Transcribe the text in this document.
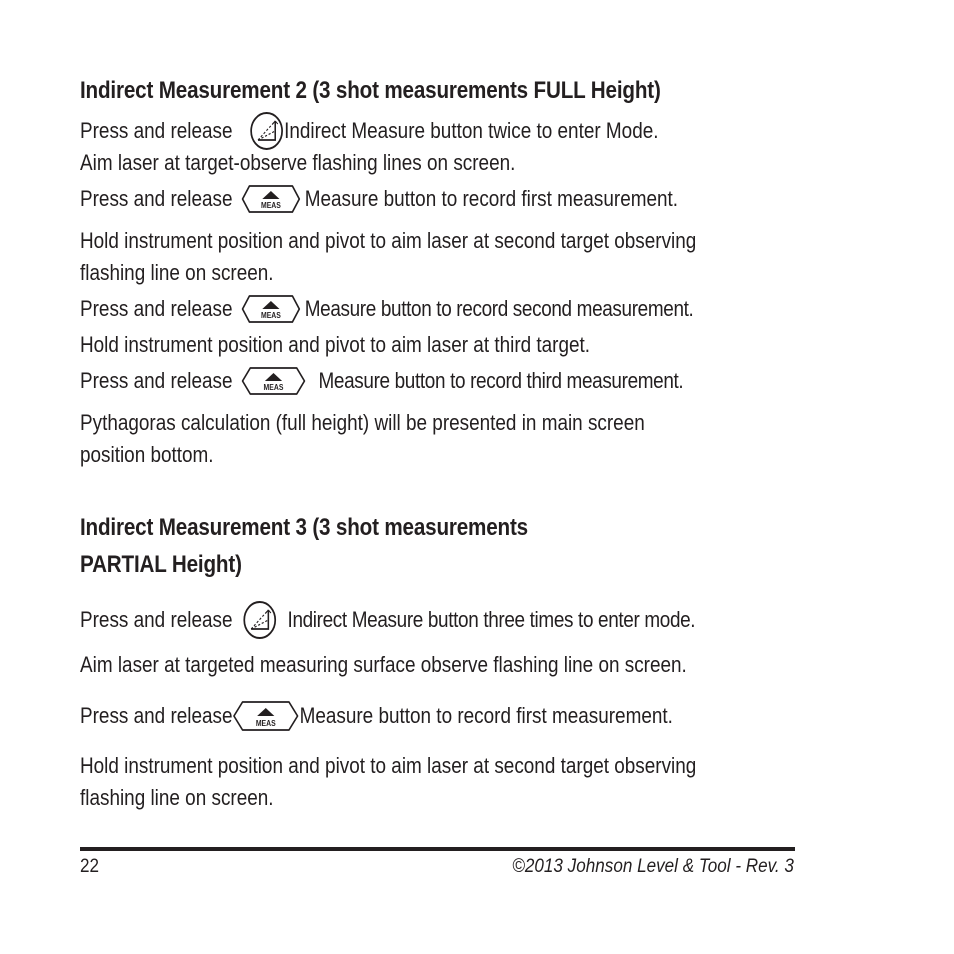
Indirect Measurement 2 (3 shot measurements FULL Height)
Press and release Indirect Measure button twice to enter Mode.
Aim laser at target-observe flashing lines on screen.
Press and release	MEAS Measure button to record first measurement.
Hold instrument position and pivot to aim laser at second target observing
flashing line on screen.
Press and release	MEAS Measure button to record second measurement.
Hold instrument position and pivot to aim laser at third target.
Press and release	MEAS Measure button to record third measurement.
Pythagoras calculation (full height) will be presented in main screen
position bottom.
Indirect Measurement 3 (3 shot measurements
PARTIAL Height)
Press and release	Indirect Measure button three times to enter mode.
Aim laser at targeted measuring surface observe flashing line on screen.
Press and release	MEAS Measure button to record first measurement.
Hold instrument position and pivot to aim laser at second target observing
flashing line on screen.
22	©2013 Johnson Level & Tool - Rev. 3
